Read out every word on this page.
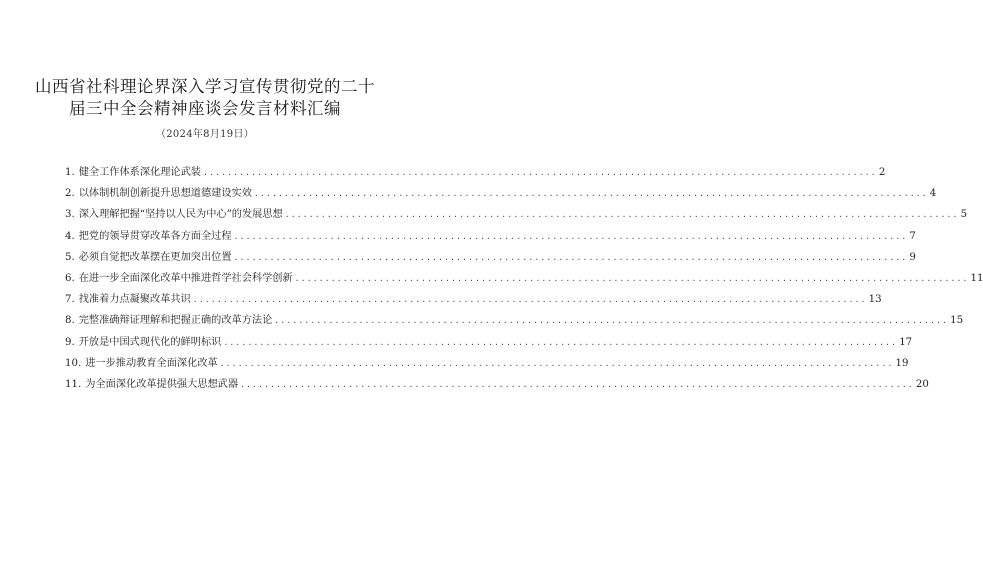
山西省社科理论界深入学习宣传贯彻党的二十
届三中全会精神座谈会发言材料汇编
（2024年8月19日）
1. 健全工作体系深化理论武装 .....	2
2. 以体制机制创新提升思想道德建设实效 .....	4
3. 深入理解把握“坚持以人民为中心”的发展思想 .....	5
4. 把党的领导贯穿改革各方面全过程 .....	7
5. 必须自觉把改革摆在更加突出位置 .....	9
6. 在进一步全面深化改革中推进哲学社会科学创新 .....	11
7. 找准着力点凝聚改革共识 .....	13
8. 完整准确辩证理解和把握正确的改革方法论 .....	15
9. 开放是中国式现代化的鲜明标识 .....	17
10. 进一步推动教育全面深化改革 .....	19
11. 为全面深化改革提供强大思想武器 .....	20
